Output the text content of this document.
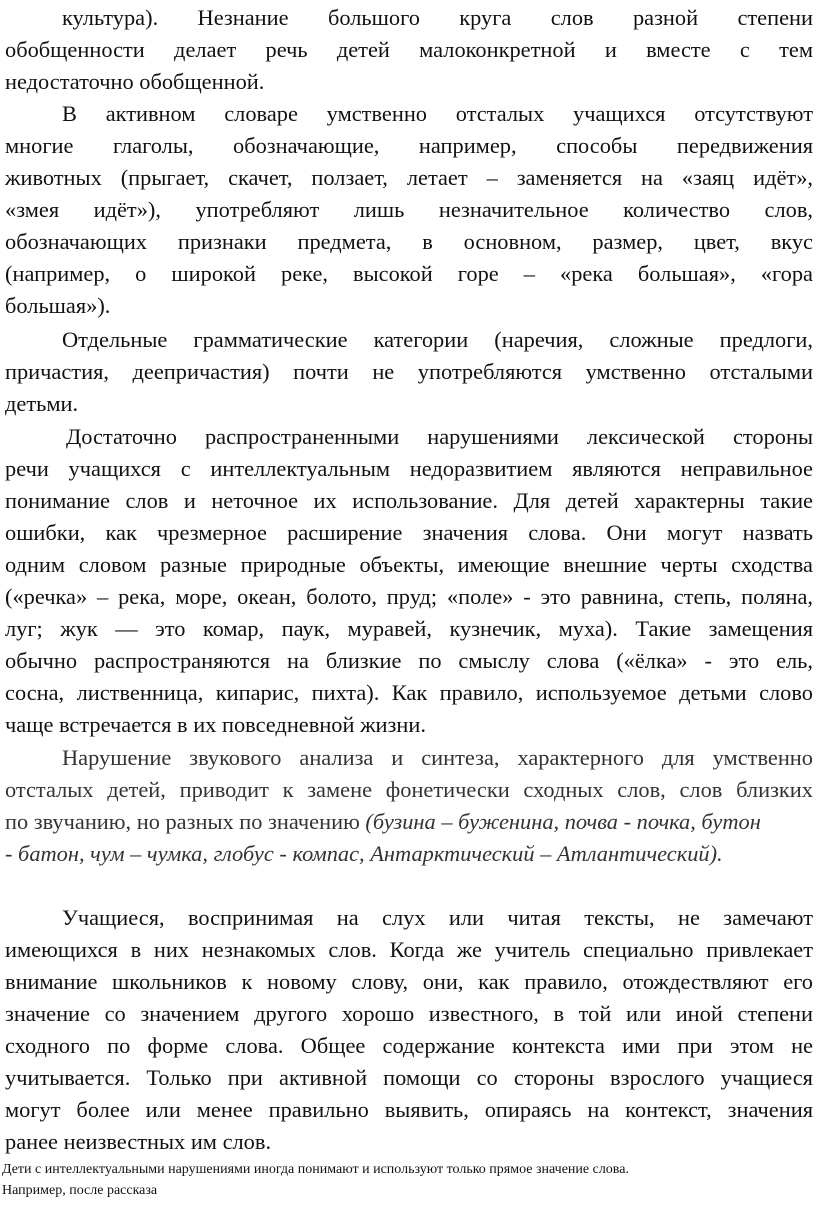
культура). Незнание большого круга слов разной степени
обобщенности делает речь детей малоконкретной и вместе с тем
недостаточно обобщенной.
В активном словаре умственно отсталых учащихся отсутствуют
многие глаголы, обозначающие, например, способы передвижения
животных (прыгает, скачет, ползает, летает – заменяется на «заяц идёт»,
«змея идёт»), употребляют лишь незначительное количество слов,
обозначающих признаки предмета, в основном, размер, цвет, вкус
(например, о широкой реке, высокой горе – «река большая», «гора
большая»).
Отдельные грамматические категории (наречия, сложные предлоги,
причастия, деепричастия) почти не употребляются умственно отсталыми
детьми.
Достаточно распространенными нарушениями лексической стороны
речи учащихся с интеллектуальным недоразвитием являются неправильное
понимание слов и неточное их использование. Для детей характерны такие
ошибки, как чрезмерное расширение значения слова. Они могут назвать
одним словом разные природные объекты, имеющие внешние черты сходства
(«речка» – река, море, океан, болото, пруд; «поле» - это равнина, степь, поляна,
луг; жук — это комар, паук, муравей, кузнечик, муха). Такие замещения
обычно распространяются на близкие по смыслу слова («ёлка» - это ель,
сосна, лиственница, кипарис, пихта). Как правило, используемое детьми слово
чаще встречается в их повседневной жизни.
Нарушение звукового анализа и синтеза, характерного для умственно
отсталых детей, приводит к замене фонетически сходных слов, слов близких
по звучанию, но разных по значению (бузина – буженина, почва - почка, бутон
- батон, чум – чумка, глобус - компас, Антарктический – Атлантический).
Учащиеся, воспринимая на слух или читая тексты, не замечают
имеющихся в них незнакомых слов. Когда же учитель специально привлекает
внимание школьников к новому слову, они, как правило, отождествляют его
значение со значением другого хорошо известного, в той или иной степени
сходного по форме слова. Общее содержание контекста ими при этом не
учитывается. Только при активной помощи со стороны взрослого учащиеся
могут более или менее правильно выявить, опираясь на контекст, значения
ранее неизвестных им слов.
Дети с интеллектуальными нарушениями иногда понимают и используют только прямое значение слова.
Например, после рассказа
